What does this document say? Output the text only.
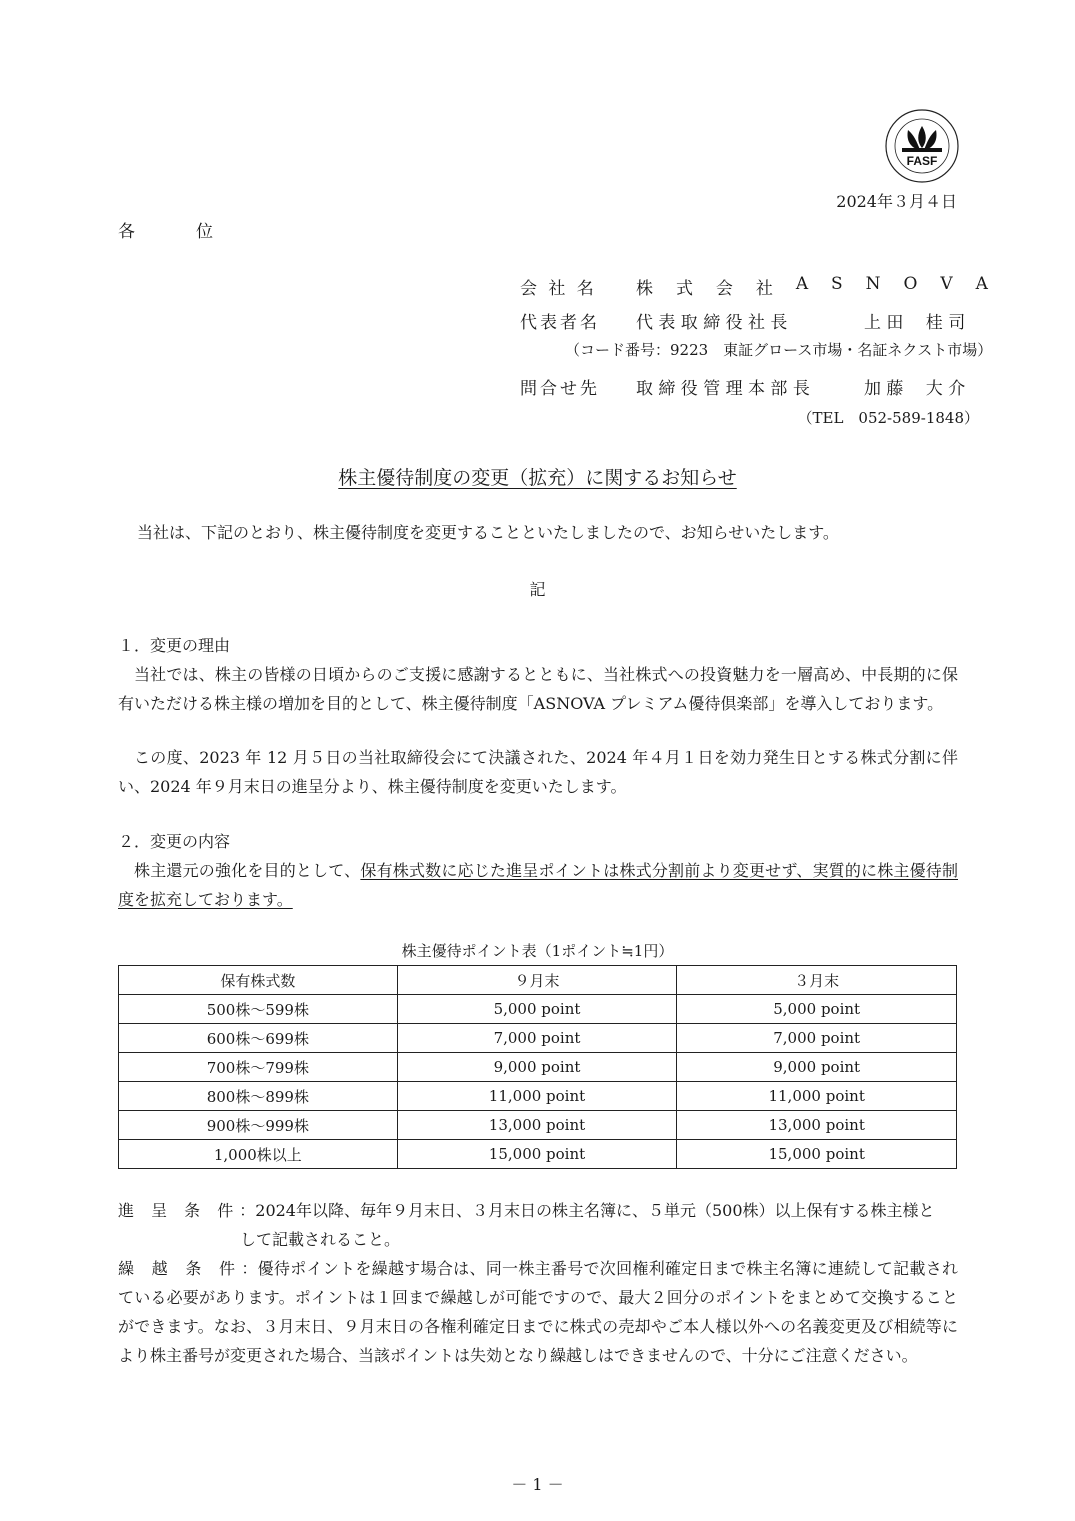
FASF
2024年３月４日
各　位
会 社 名 株 式 会 社 A S N O V A
代表者名 代 表 取 締 役 社 長	上 田　 桂 司
（コード番号：9223　東証グロース市場・名証ネクスト市場）
問合せ先 取 締 役 管 理 本 部 長	加 藤　 大 介
（TEL　052-589-1848）
株主優待制度の変更（拡充）に関するお知らせ
当社は、下記のとおり、株主優待制度を変更することといたしましたので、お知らせいたします。
記
１．変更の理由
当社では、株主の皆様の日頃からのご支援に感謝するとともに、当社株式への投資魅力を一層高め、中長期的に保有いただける株主様の増加を目的として、株主優待制度「ASNOVA プレミアム優待倶楽部」を導入しております。
この度、2023 年 12 月５日の当社取締役会にて決議された、2024 年４月１日を効力発生日とする株式分割に伴い、2024 年９月末日の進呈分より、株主優待制度を変更いたします。
２．変更の内容
株主還元の強化を目的として、保有株式数に応じた進呈ポイントは株式分割前より変更せず、実質的に株主優待制度を拡充しております。
株主優待ポイント表（1ポイント≒1円）
保有株式数	９月末	３月末
500株～599株	5,000 point	5,000 point
600株～699株	7,000 point	7,000 point
700株～799株	9,000 point	9,000 point
800株～899株	11,000 point	11,000 point
900株～999株	13,000 point	13,000 point
1,000株以上	15,000 point	15,000 point
進 呈 条 件：2024年以降、毎年９月末日、３月末日の株主名簿に、５単元（500株）以上保有する株主様と
して記載されること。
繰 越 条 件：優待ポイントを繰越す場合は、同一株主番号で次回権利確定日まで株主名簿に連続して記載されている必要があります。ポイントは１回まで繰越しが可能ですので、最大２回分のポイントをまとめて交換することができます。なお、３月末日、９月末日の各権利確定日までに株式の売却やご本人様以外への名義変更及び相続等により株主番号が変更された場合、当該ポイントは失効となり繰越しはできませんので、十分にご注意ください。
－ 1 －
